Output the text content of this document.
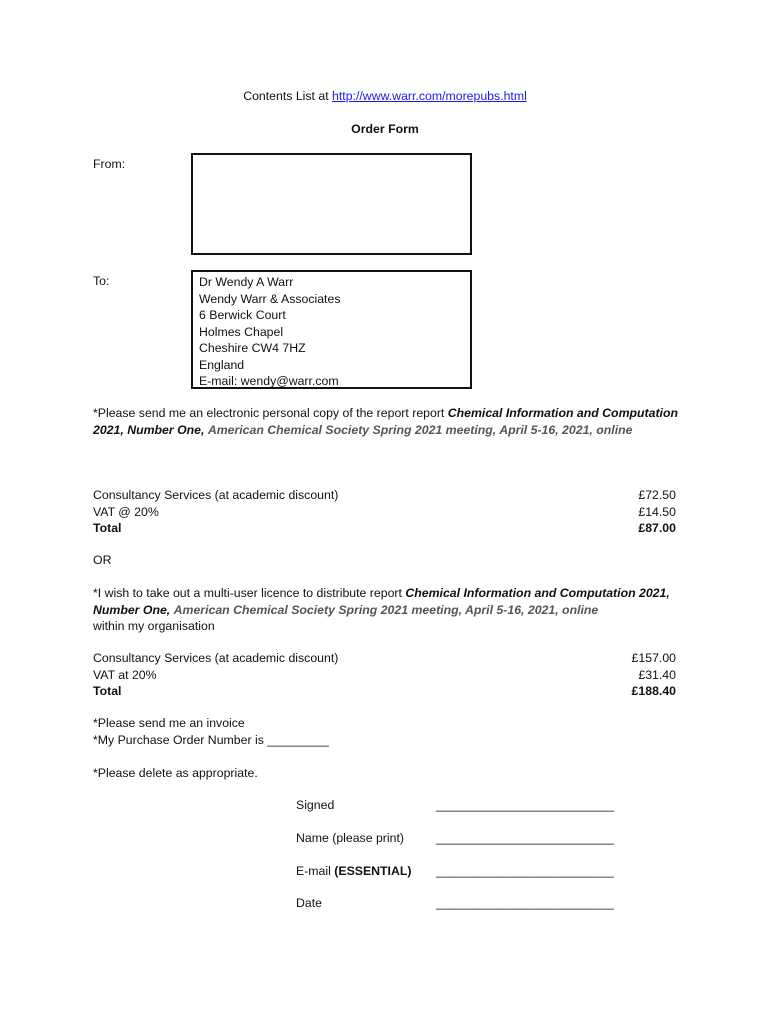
Contents List at http://www.warr.com/morepubs.html
Order Form
From:
To:	Dr Wendy A Warr
Wendy Warr & Associates
6 Berwick Court
Holmes Chapel
Cheshire CW4 7HZ
England
E-mail: wendy@warr.com
*Please send me an electronic personal copy of the report report Chemical Information and Computation 2021, Number One, American Chemical Society Spring 2021 meeting, April 5-16, 2021, online
Consultancy Services (at academic discount)	£72.50
VAT @ 20%	£14.50
Total	£87.00
OR
*I wish to take out a multi-user licence to distribute report Chemical Information and Computation 2021, Number One, American Chemical Society Spring 2021 meeting, April 5-16, 2021, online
within my organisation
Consultancy Services (at academic discount)	£157.00
VAT at 20%	£31.40
Total	£188.40
*Please send me an invoice
*My Purchase Order Number is _________
*Please delete as appropriate.
Signed	__________________________
Name (please print)	__________________________
E-mail (ESSENTIAL) __________________________
Date	__________________________
